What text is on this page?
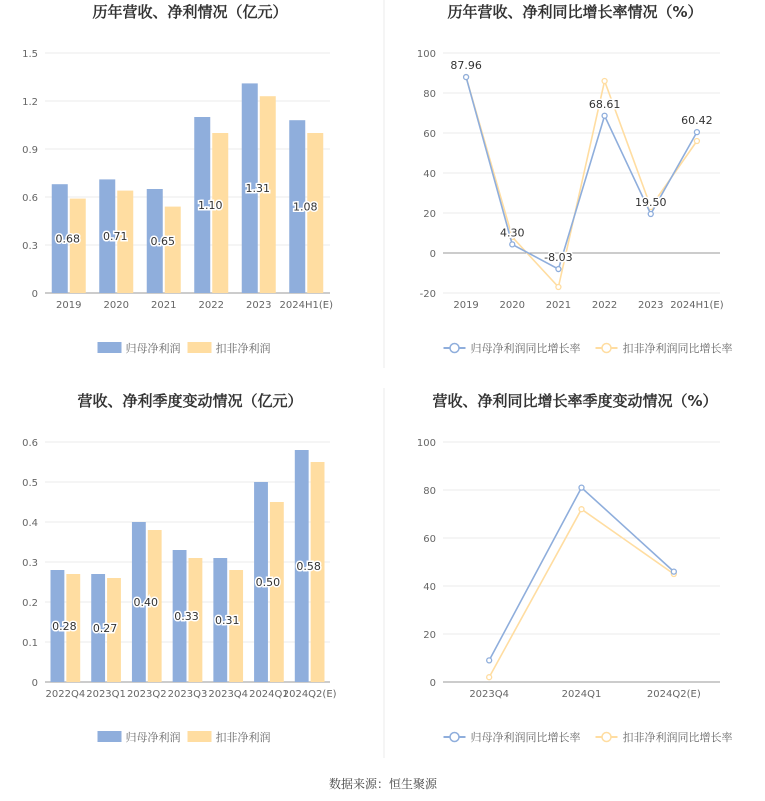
历年营收、净利情况（亿元）
0
0.3
0.6
0.9
1.2
1.5
2019 2020 2021 2022 2023 2024H1(E)
0.68 0.71 0.65
1.10
1.31
1.08
归母净利润	扣非净利润
历年营收、净利同比增长率情况（%）
-20
0
20
40
60
80
100
2019 2020 2021 2022 2023 2024H1(E)
87.96
4.30
-8.03
68.61
19.50
60.42
归母净利润同比增长率	扣非净利润同比增长率
营收、净利季度变动情况（亿元）
0
0.1
0.2
0.3
0.4
0.5
0.6
2022Q4 2023Q1 2023Q2 2023Q3 2023Q4 2024Q1
2024Q2(E)
0.28 0.27
0.40
0.33 0.31
0.50
0.58
归母净利润	扣非净利润
营收、净利同比增长率季度变动情况（%）
0
20
40
60
80
100
2023Q4	2024Q1	2024Q2(E)
归母净利润同比增长率	扣非净利润同比增长率
数据来源：恒生聚源
